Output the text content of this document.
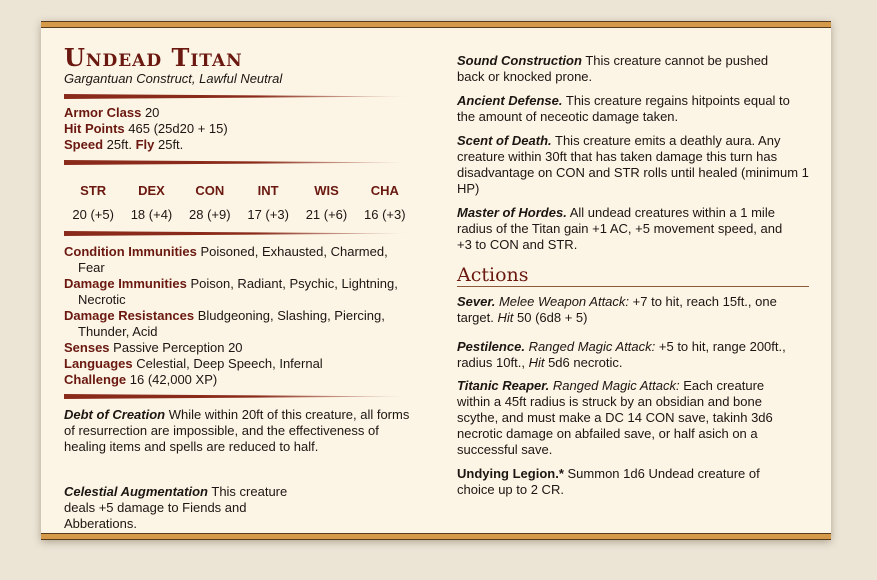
Undead Titan
Gargantuan Construct, Lawful Neutral
Armor Class 20
Hit Points 465 (25d20 + 15)
Speed 25ft. Fly 25ft.
STR	DEX	CON	INT	WIS	CHA
20 (+5)	18 (+4)	28 (+9)	17 (+3)	21 (+6)	16 (+3)
Condition Immunities Poisoned, Exhausted, Charmed, Fear
Damage Immunities Poison, Radiant, Psychic, Lightning, Necrotic
Damage Resistances Bludgeoning, Slashing, Piercing, Thunder, Acid
Senses Passive Perception 20
Languages Celestial, Deep Speech, Infernal
Challenge 16 (42,000 XP)
Debt of Creation While within 20ft of this creature, all forms of resurrection are impossible, and the effectiveness of healing items and spells are reduced to half.
Celestial Augmentation This creature deals +5 damage to Fiends and Abberations.
Sound Construction This creature cannot be pushed back or knocked prone.
Ancient Defense. This creature regains hitpoints equal to the amount of neceotic damage taken.
Scent of Death. This creature emits a deathly aura. Any creature within 30ft that has taken damage this turn has disadvantage on CON and STR rolls until healed (minimum 1 HP)
Master of Hordes. All undead creatures within a 1 mile radius of the Titan gain +1 AC, +5 movement speed, and +3 to CON and STR.
Actions
Sever. Melee Weapon Attack: +7 to hit, reach 15ft., one target. Hit 50 (6d8 + 5)
Pestilence. Ranged Magic Attack: +5 to hit, range 200ft., radius 10ft., Hit 5d6 necrotic.
Titanic Reaper. Ranged Magic Attack: Each creature within a 45ft radius is struck by an obsidian and bone scythe, and must make a DC 14 CON save, takinh 3d6 necrotic damage on abfailed save, or half asich on a successful save.
Undying Legion.* Summon 1d6 Undead creature of choice up to 2 CR.
